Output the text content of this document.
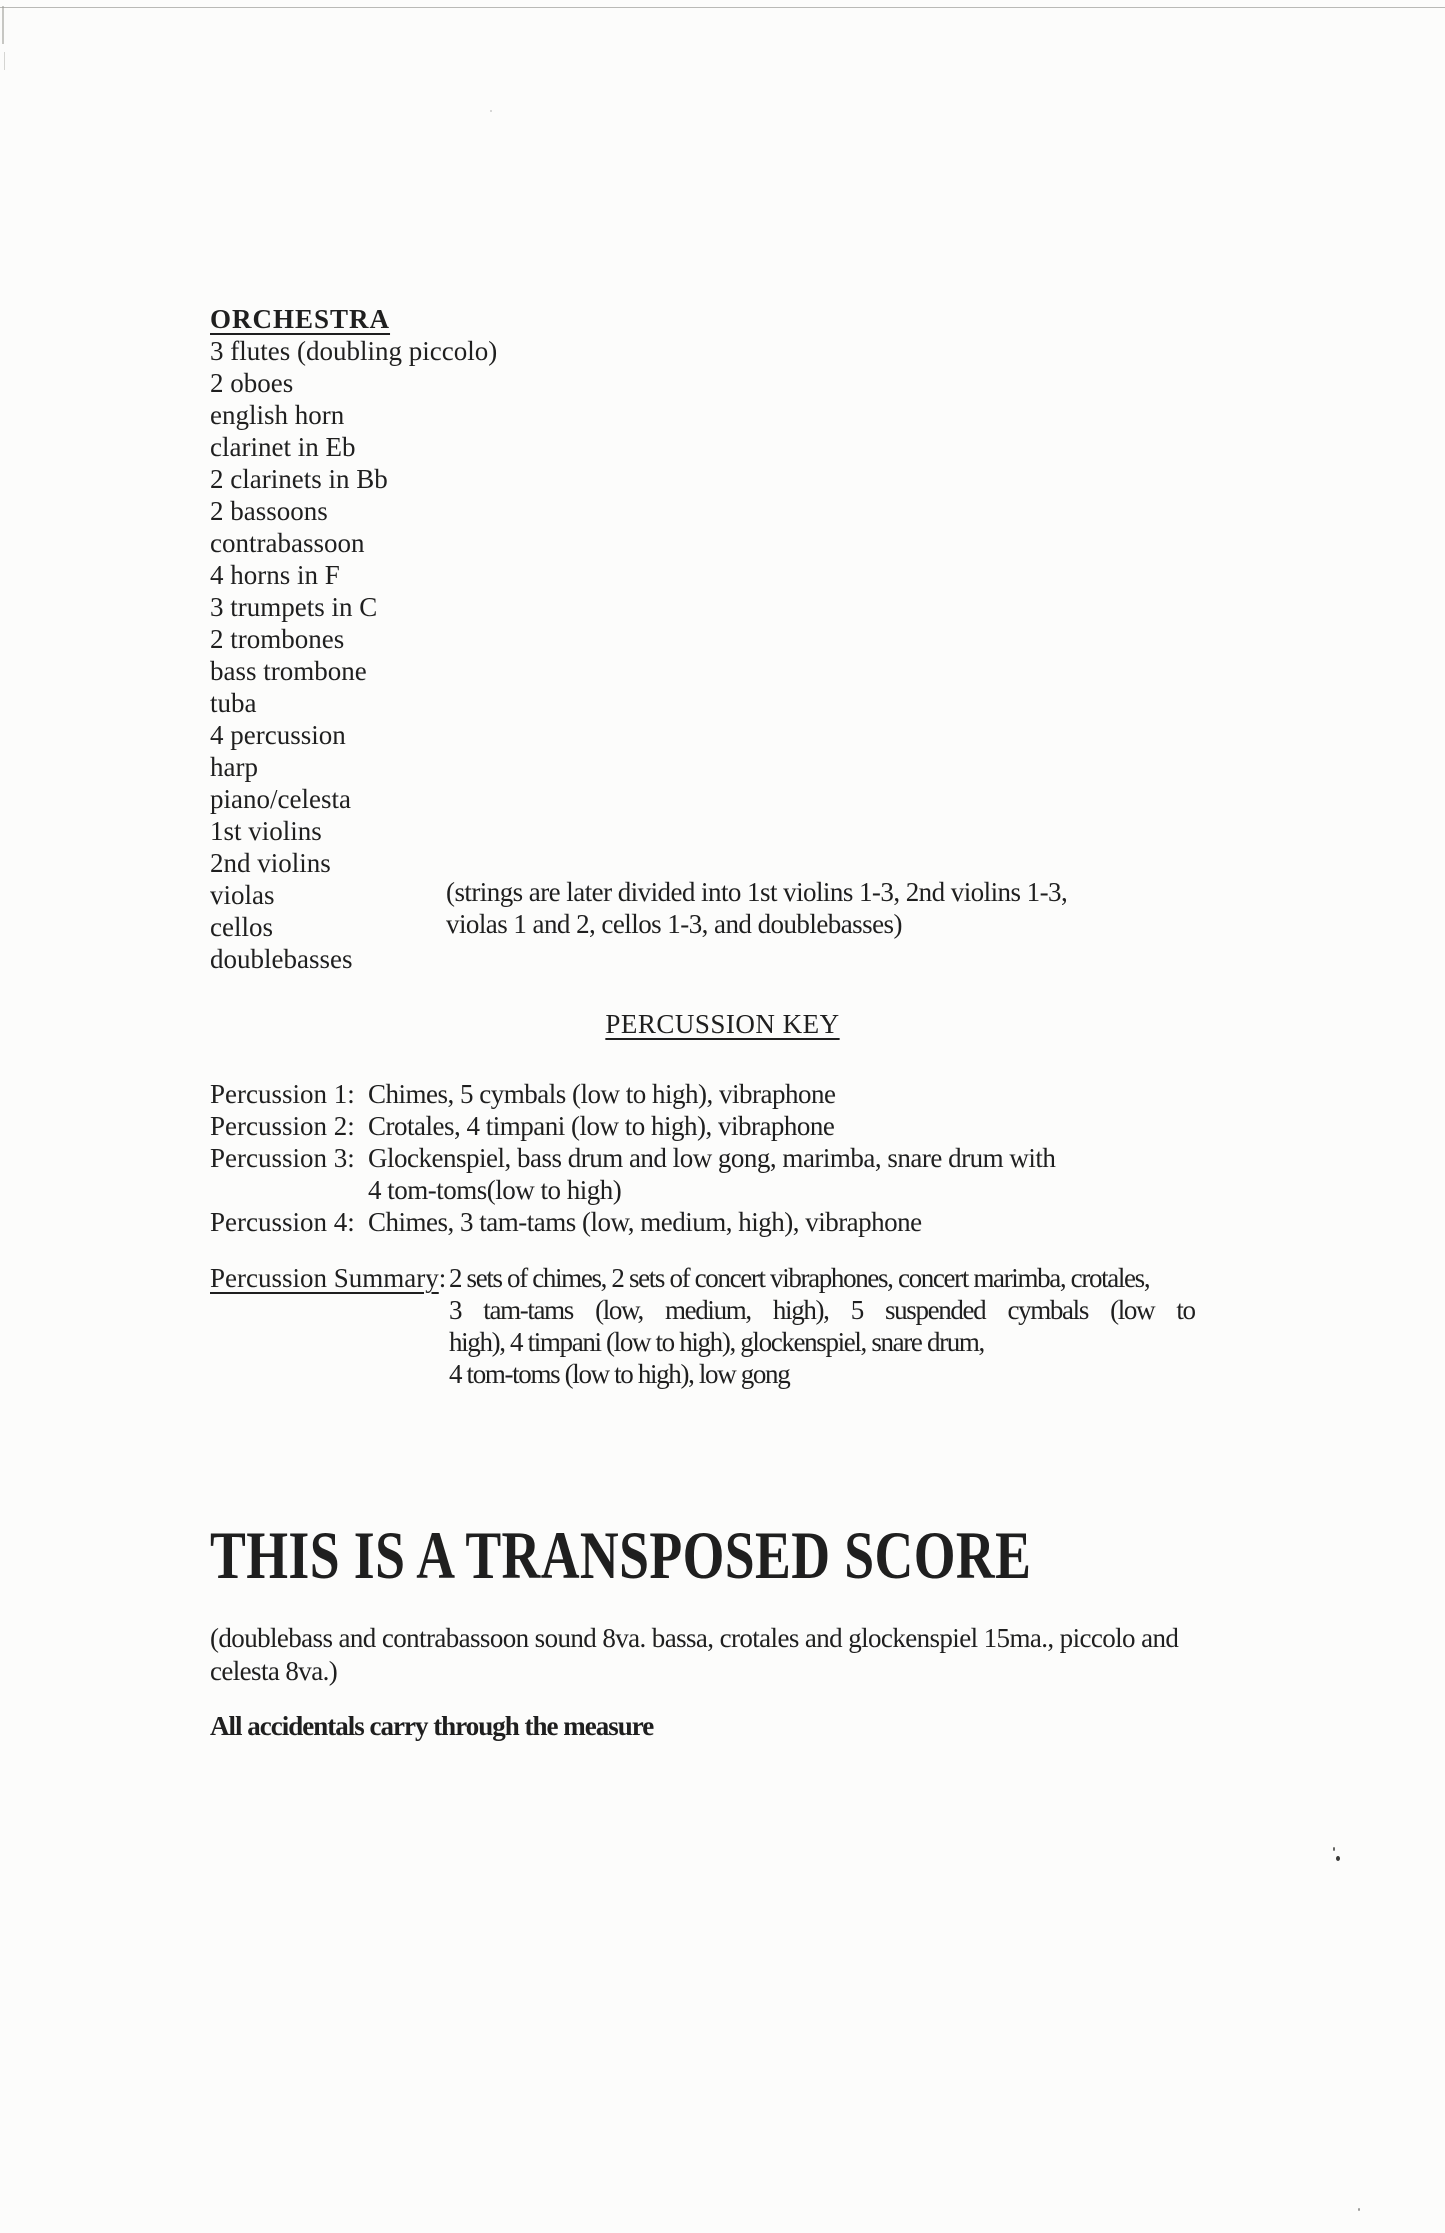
ORCHESTRA
3 flutes (doubling piccolo)
2 oboes
english horn
clarinet in Eb
2 clarinets in Bb
2 bassoons
contrabassoon
4 horns in F
3 trumpets in C
2 trombones
bass trombone
tuba
4 percussion
harp
piano/celesta
1st violins
2nd violins
violas
cellos
doublebasses
(strings are later divided into 1st violins 1-3, 2nd violins 1-3,
violas 1 and 2, cellos 1-3, and doublebasses)
PERCUSSION KEY
Percussion 1: Chimes, 5 cymbals (low to high), vibraphone
Percussion 2: Crotales, 4 timpani (low to high), vibraphone
Percussion 3: Glockenspiel, bass drum and low gong, marimba, snare drum with
4 tom-toms(low to high)
Percussion 4: Chimes, 3 tam-tams (low, medium, high), vibraphone
Percussion Summary: 2 sets of chimes, 2 sets of concert vibraphones, concert marimba, crotales,
3 tam-tams (low, medium, high), 5 suspended cymbals (low to
high), 4 timpani (low to high), glockenspiel, snare drum,
4 tom-toms (low to high), low gong
THIS IS A TRANSPOSED SCORE
(doublebass and contrabassoon sound 8va. bassa, crotales and glockenspiel 15ma., piccolo and
celesta 8va.)
All accidentals carry through the measure
